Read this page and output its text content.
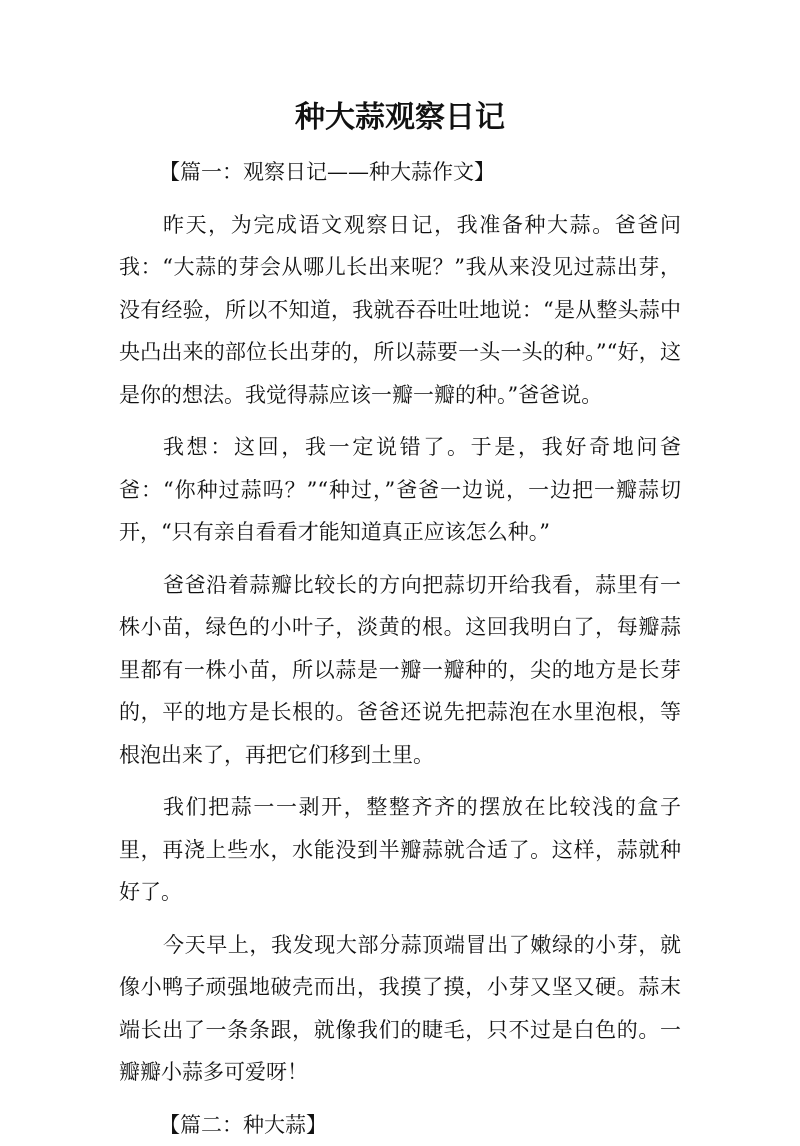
种大蒜观察日记

【篇一：观察日记——种大蒜作文】

昨天，为完成语文观察日记，我准备种大蒜。爸爸问我：“大蒜的芽会从哪儿长出来呢？”我从来没见过蒜出芽，没有经验，所以不知道，我就吞吞吐吐地说：“是从整头蒜中央凸出来的部位长出芽的，所以蒜要一头一头的种。”“好，这是你的想法。我觉得蒜应该一瓣一瓣的种。”爸爸说。

我想：这回，我一定说错了。于是，我好奇地问爸爸：“你种过蒜吗？”“种过，”爸爸一边说，一边把一瓣蒜切开，“只有亲自看看才能知道真正应该怎么种。”

爸爸沿着蒜瓣比较长的方向把蒜切开给我看，蒜里有一株小苗，绿色的小叶子，淡黄的根。这回我明白了，每瓣蒜里都有一株小苗，所以蒜是一瓣一瓣种的，尖的地方是长芽的，平的地方是长根的。爸爸还说先把蒜泡在水里泡根，等根泡出来了，再把它们移到土里。

我们把蒜一一剥开，整整齐齐的摆放在比较浅的盒子里，再浇上些水，水能没到半瓣蒜就合适了。这样，蒜就种好了。

今天早上，我发现大部分蒜顶端冒出了嫩绿的小芽，就像小鸭子顽强地破壳而出，我摸了摸，小芽又坚又硬。蒜末端长出了一条条跟，就像我们的睫毛，只不过是白色的。一瓣瓣小蒜多可爱呀！

【篇二：种大蒜】
